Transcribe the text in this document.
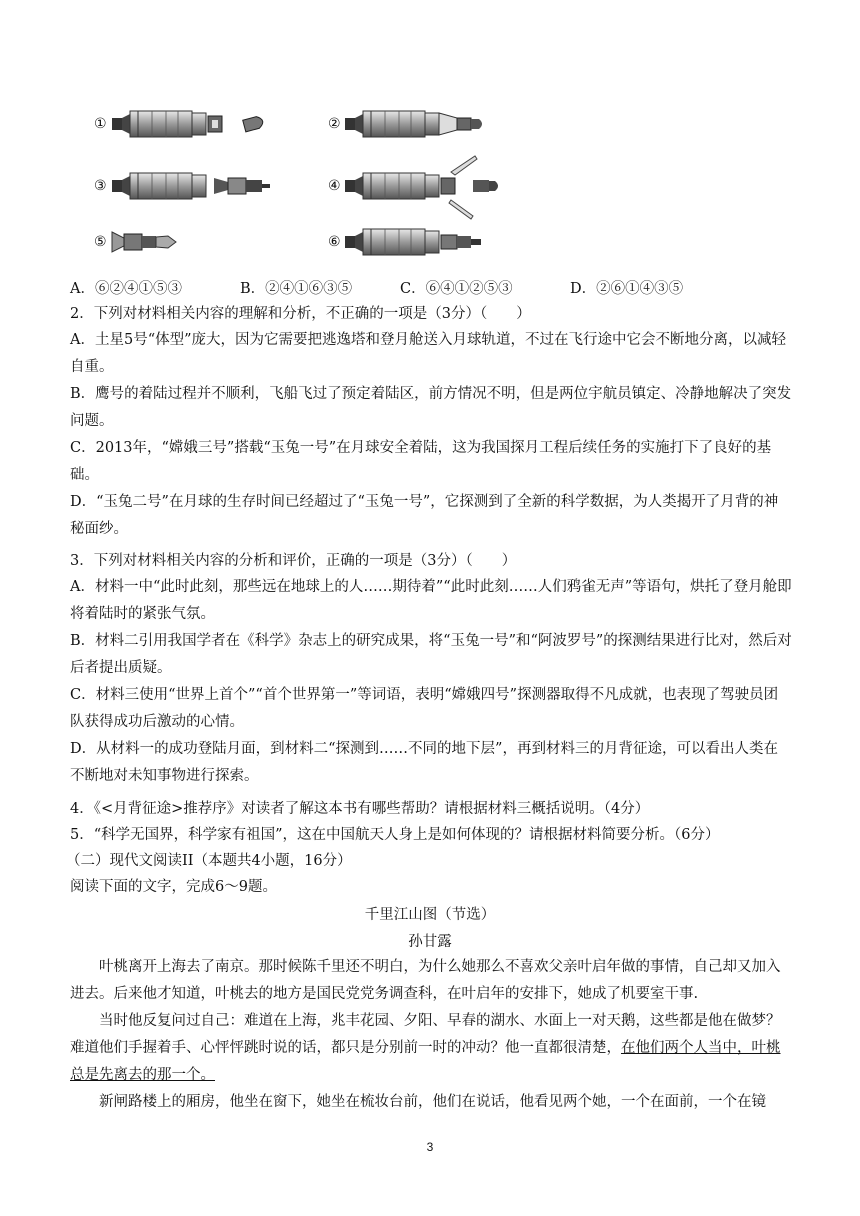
①	②
③	④
⑤	⑥
A．⑥②④①⑤③	B．②④①⑥③⑤	C．⑥④①②⑤③	D．②⑥①④③⑤
2．下列对材料相关内容的理解和分析，不正确的一项是（3分）（　　）
A．土星5号“体型”庞大，因为它需要把逃逸塔和登月舱送入月球轨道，不过在飞行途中它会不断地分离，以减轻自重。
B．鹰号的着陆过程并不顺利，飞船飞过了预定着陆区，前方情况不明，但是两位宇航员镇定、冷静地解决了突发问题。
C．2013年，“嫦娥三号”搭载“玉兔一号”在月球安全着陆，这为我国探月工程后续任务的实施打下了良好的基础。
D．“玉兔二号”在月球的生存时间已经超过了“玉兔一号”，它探测到了全新的科学数据，为人类揭开了月背的神秘面纱。
3．下列对材料相关内容的分析和评价，正确的一项是（3分）（　　）
A．材料一中“此时此刻，那些远在地球上的人……期待着”“此时此刻……人们鸦雀无声”等语句，烘托了登月舱即将着陆时的紧张气氛。
B．材料二引用我国学者在《科学》杂志上的研究成果，将“玉兔一号”和“阿波罗号”的探测结果进行比对，然后对后者提出质疑。
C．材料三使用“世界上首个”“首个世界第一”等词语，表明“嫦娥四号”探测器取得不凡成就，也表现了驾驶员团队获得成功后激动的心情。
D．从材料一的成功登陆月面，到材料二“探测到……不同的地下层”，再到材料三的月背征途，可以看出人类在不断地对未知事物进行探索。
4．《<月背征途>推荐序》对读者了解这本书有哪些帮助？请根据材料三概括说明。（4分）
5．“科学无国界，科学家有祖国”，这在中国航天人身上是如何体现的？请根据材料简要分析。（6分）
（二）现代文阅读II（本题共4小题，16分）
阅读下面的文字，完成6～9题。
千里江山图（节选）
孙甘露
叶桃离开上海去了南京。那时候陈千里还不明白，为什么她那么不喜欢父亲叶启年做的事情，自己却又加入进去。后来他才知道，叶桃去的地方是国民党党务调查科，在叶启年的安排下，她成了机要室干事.
当时他反复问过自己：难道在上海，兆丰花园、夕阳、早春的湖水、水面上一对天鹅，这些都是他在做梦？难道他们手握着手、心怦怦跳时说的话，都只是分别前一时的冲动？他一直都很清楚，在他们两个人当中，叶桃总是先离去的那一个。
新闸路楼上的厢房，他坐在窗下，她坐在梳妆台前，他们在说话，他看见两个她，一个在面前，一个在镜
3
